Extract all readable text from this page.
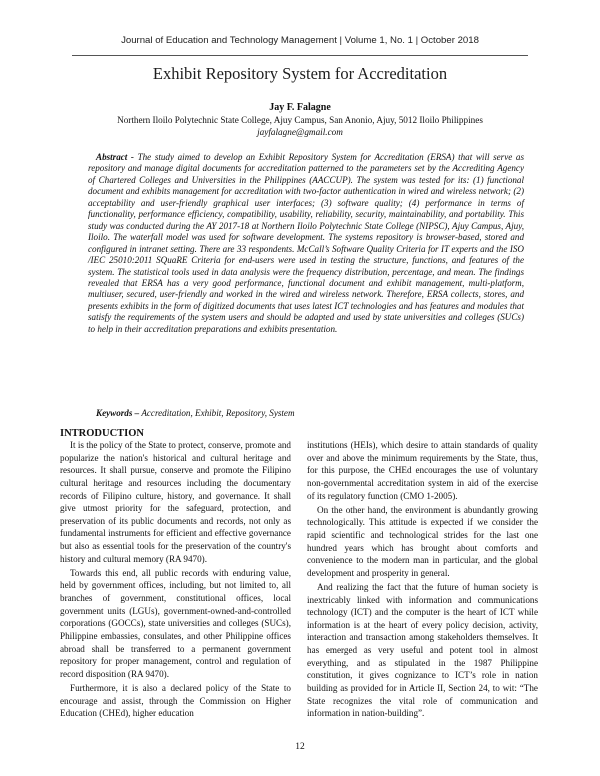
Journal of Education and Technology Management | Volume 1, No. 1 | October 2018
Exhibit Repository System for Accreditation
Jay F. Falagne
Northern Iloilo Polytechnic State College, Ajuy Campus, San Anonio, Ajuy, 5012 Iloilo Philippines
jayfalagne@gmail.com

Abstract - The study aimed to develop an Exhibit Repository System for Accreditation (ERSA) that will serve as repository and manage digital documents for accreditation patterned to the parameters set by the Accrediting Agency of Chartered Colleges and Universities in the Philippines (AACCUP). The system was tested for its: (1) functional document and exhibits management for accreditation with two-factor authentication in wired and wireless network; (2) acceptability and user-friendly graphical user interfaces; (3) software quality; (4) performance in terms of functionality, performance efficiency, compatibility, usability, reliability, security, maintainability, and portability. This study was conducted during the AY 2017-18 at Northern Iloilo Polytechnic State College (NIPSC), Ajuy Campus, Ajuy, Iloilo. The waterfall model was used for software development. The systems repository is browser-based, stored and configured in intranet setting. There are 33 respondents. McCall’s Software Quality Criteria for IT experts and the ISO /IEC 25010:2011 SQuaRE Criteria for end-users were used in testing the structure, functions, and features of the system. The statistical tools used in data analysis were the frequency distribution, percentage, and mean. The findings revealed that ERSA has a very good performance, functional document and exhibit management, multi-platform, multiuser, secured, user-friendly and worked in the wired and wireless network. Therefore, ERSA collects, stores, and presents exhibits in the form of digitized documents that uses latest ICT technologies and has features and modules that satisfy the requirements of the system users and should be adapted and used by state universities and colleges (SUCs) to help in their accreditation preparations and exhibits presentation.

Keywords – Accreditation, Exhibit, Repository, System
INTRODUCTION

It is the policy of the State to protect, conserve, promote and popularize the nation's historical and cultural heritage and resources. It shall pursue, conserve and promote the Filipino cultural heritage and resources including the documentary records of Filipino culture, history, and governance. It shall give utmost priority for the safeguard, protection, and preservation of its public documents and records, not only as fundamental instruments for efficient and effective governance but also as essential tools for the preservation of the country's history and cultural memory (RA 9470).

Towards this end, all public records with enduring value, held by government offices, including, but not limited to, all branches of government, constitutional offices, local government units (LGUs), government-owned-and-controlled corporations (GOCCs), state universities and colleges (SUCs), Philippine embassies, consulates, and other Philippine offices abroad shall be transferred to a permanent government repository for proper management, control and regulation of record disposition (RA 9470).

Furthermore, it is also a declared policy of the State to encourage and assist, through the Commission on Higher Education (CHEd), higher education

institutions (HEIs), which desire to attain standards of quality over and above the minimum requirements by the State, thus, for this purpose, the CHEd encourages the use of voluntary non-governmental accreditation system in aid of the exercise of its regulatory function (CMO 1-2005).

On the other hand, the environment is abundantly growing technologically. This attitude is expected if we consider the rapid scientific and technological strides for the last one hundred years which has brought about comforts and convenience to the modern man in particular, and the global development and prosperity in general.

And realizing the fact that the future of human society is inextricably linked with information and communications technology (ICT) and the computer is the heart of ICT while information is at the heart of every policy decision, activity, interaction and transaction among stakeholders themselves. It has emerged as very useful and potent tool in almost everything, and as stipulated in the 1987 Philippine constitution, it gives cognizance to ICT’s role in nation building as provided for in Article II, Section 24, to wit: “The State recognizes the vital role of communication and information in nation-building”.

12
